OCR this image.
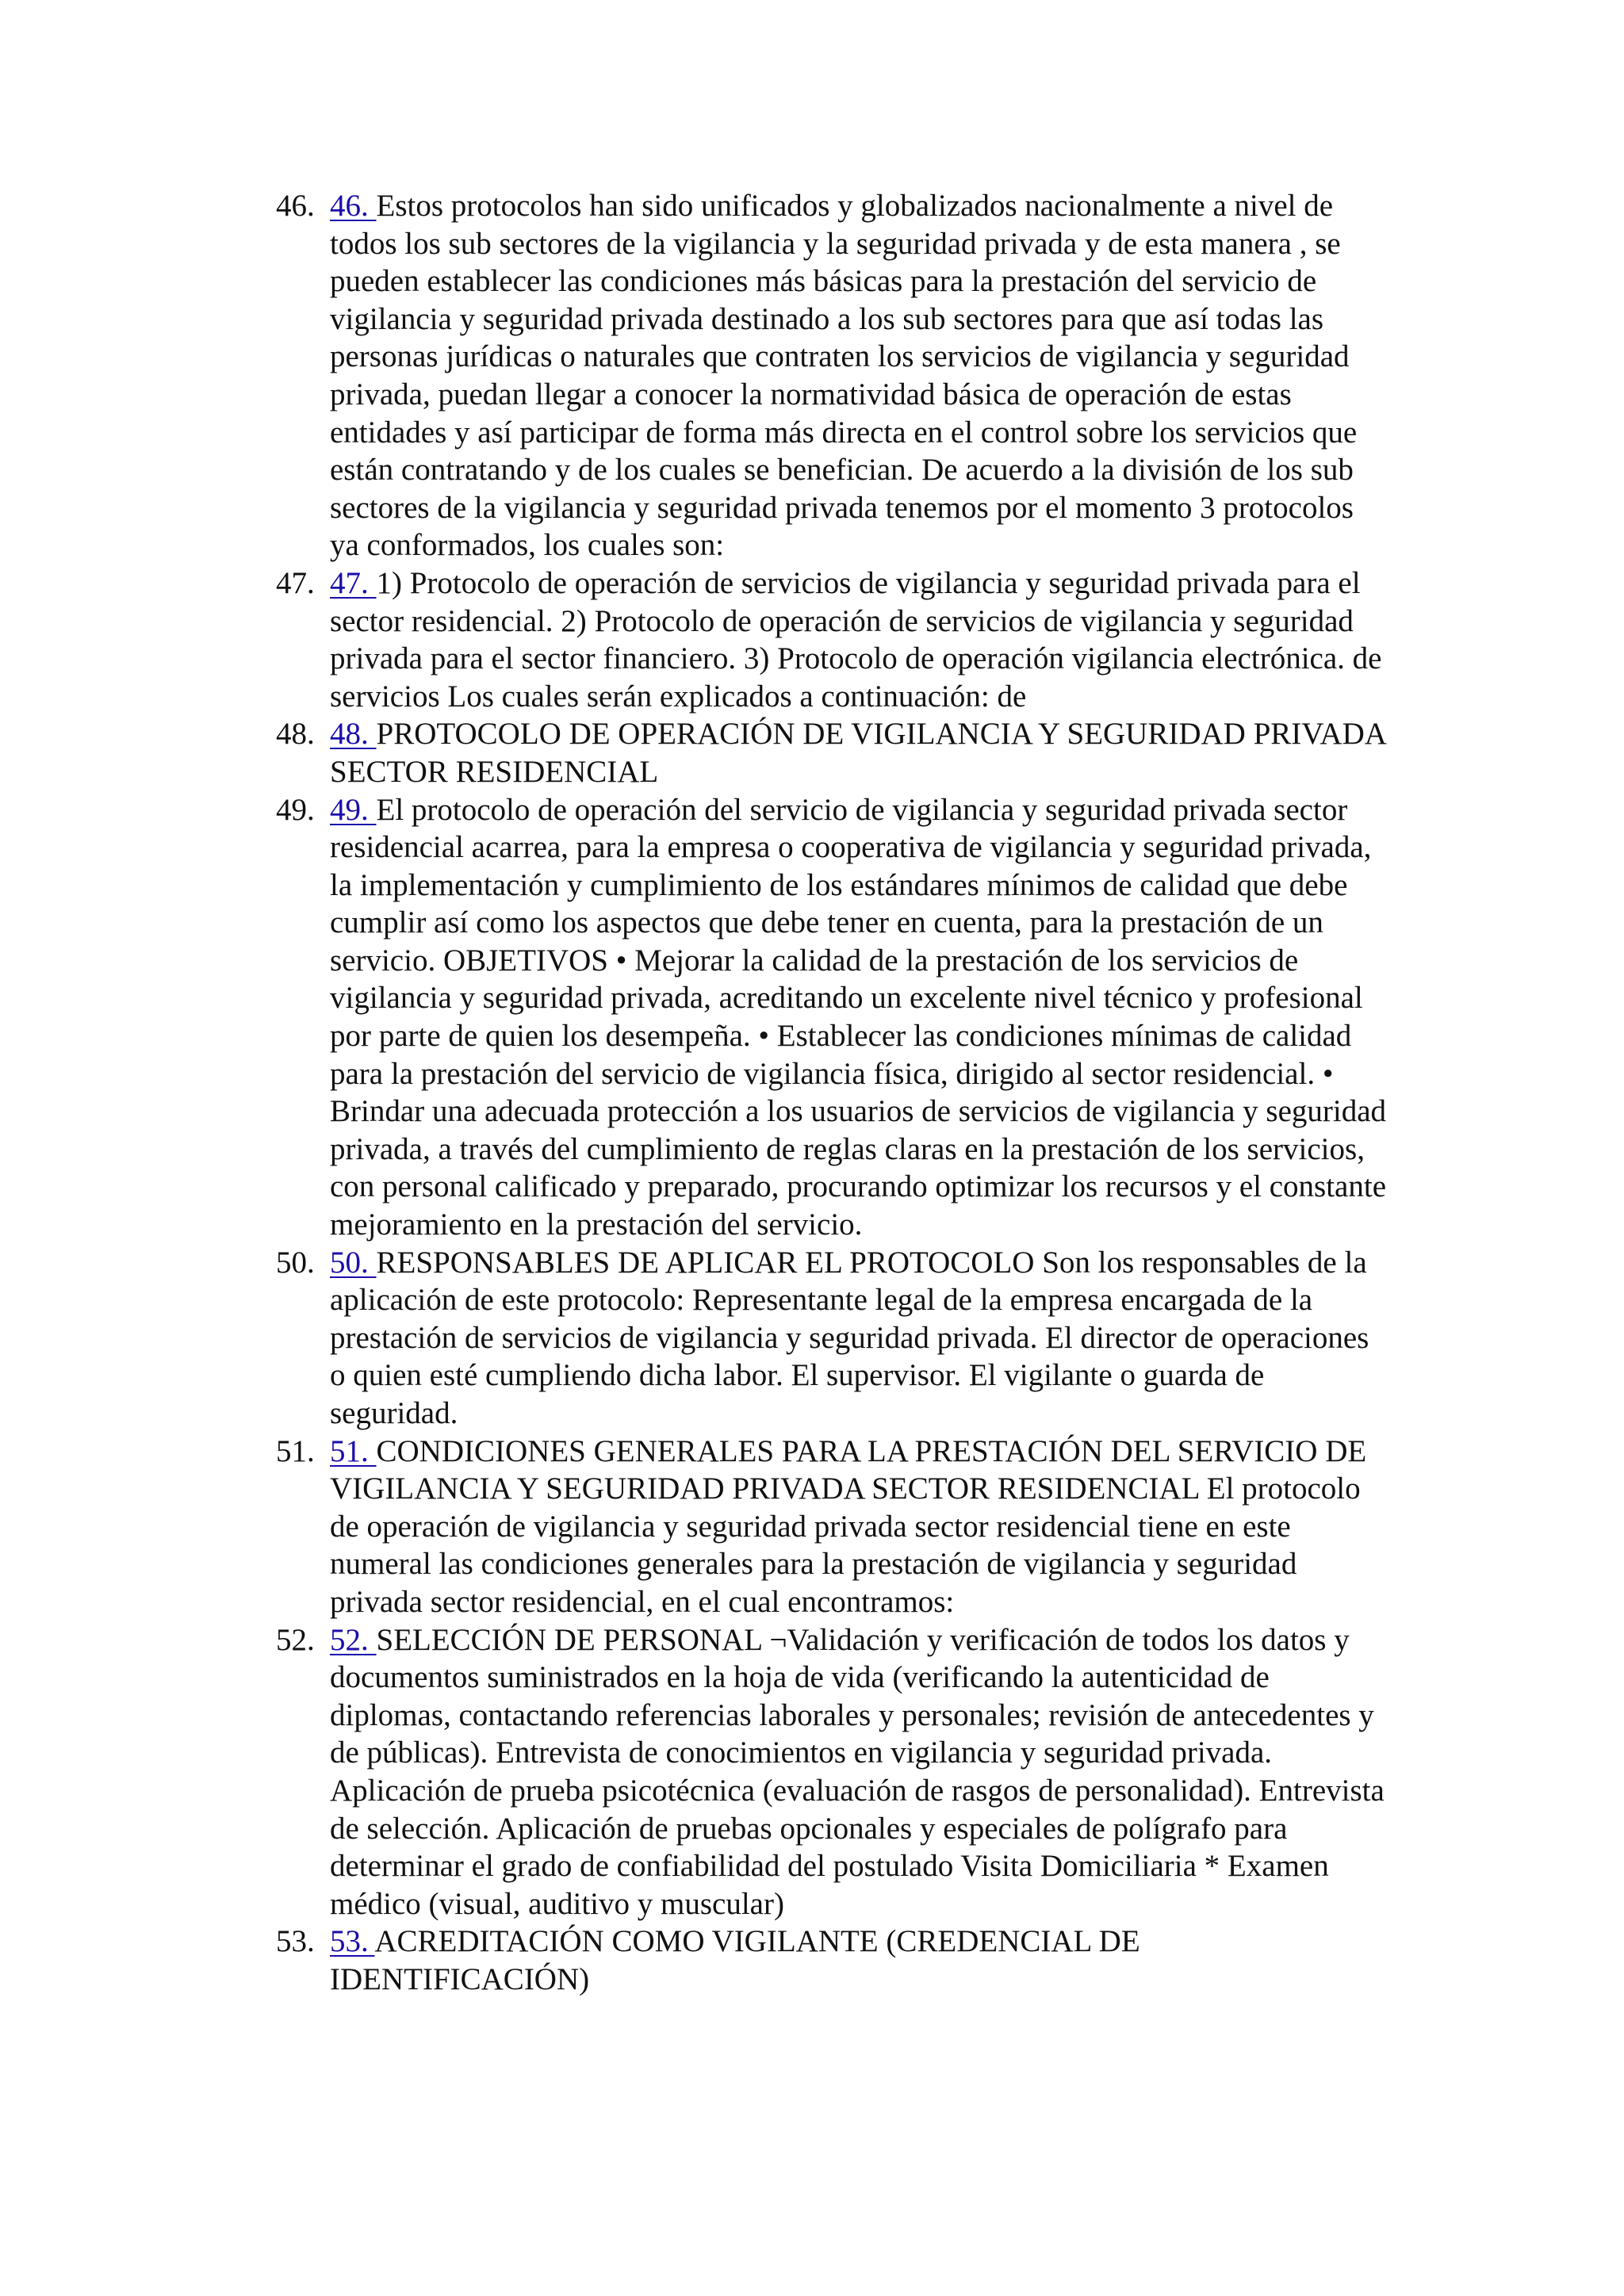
46. 46. Estos protocolos han sido unificados y globalizados nacionalmente a nivel de todos los sub sectores de la vigilancia y la seguridad privada y de esta manera , se pueden establecer las condiciones más básicas para la prestación del servicio de vigilancia y seguridad privada destinado a los sub sectores para que así todas las personas jurídicas o naturales que contraten los servicios de vigilancia y seguridad privada, puedan llegar a conocer la normatividad básica de operación de estas entidades y así participar de forma más directa en el control sobre los servicios que están contratando y de los cuales se benefician. De acuerdo a la división de los sub sectores de la vigilancia y seguridad privada tenemos por el momento 3 protocolos ya conformados, los cuales son:
47. 47. 1) Protocolo de operación de servicios de vigilancia y seguridad privada para el sector residencial. 2) Protocolo de operación de servicios de vigilancia y seguridad privada para el sector financiero. 3) Protocolo de operación vigilancia electrónica. de servicios Los cuales serán explicados a continuación: de
48. 48. PROTOCOLO DE OPERACIÓN DE VIGILANCIA Y SEGURIDAD PRIVADA SECTOR RESIDENCIAL
49. 49. El protocolo de operación del servicio de vigilancia y seguridad privada sector residencial acarrea, para la empresa o cooperativa de vigilancia y seguridad privada, la implementación y cumplimiento de los estándares mínimos de calidad que debe cumplir así como los aspectos que debe tener en cuenta, para la prestación de un servicio. OBJETIVOS • Mejorar la calidad de la prestación de los servicios de vigilancia y seguridad privada, acreditando un excelente nivel técnico y profesional por parte de quien los desempeña. • Establecer las condiciones mínimas de calidad para la prestación del servicio de vigilancia física, dirigido al sector residencial. • Brindar una adecuada protección a los usuarios de servicios de vigilancia y seguridad privada, a través del cumplimiento de reglas claras en la prestación de los servicios, con personal calificado y preparado, procurando optimizar los recursos y el constante mejoramiento en la prestación del servicio.
50. 50. RESPONSABLES DE APLICAR EL PROTOCOLO Son los responsables de la aplicación de este protocolo: Representante legal de la empresa encargada de la prestación de servicios de vigilancia y seguridad privada. El director de operaciones o quien esté cumpliendo dicha labor. El supervisor. El vigilante o guarda de seguridad.
51. 51. CONDICIONES GENERALES PARA LA PRESTACIÓN DEL SERVICIO DE VIGILANCIA Y SEGURIDAD PRIVADA SECTOR RESIDENCIAL El protocolo de operación de vigilancia y seguridad privada sector residencial tiene en este numeral las condiciones generales para la prestación de vigilancia y seguridad privada sector residencial, en el cual encontramos:
52. 52. SELECCIÓN DE PERSONAL ¬Validación y verificación de todos los datos y documentos suministrados en la hoja de vida (verificando la autenticidad de diplomas, contactando referencias laborales y personales; revisión de antecedentes y de públicas). Entrevista de conocimientos en vigilancia y seguridad privada. Aplicación de prueba psicotécnica (evaluación de rasgos de personalidad). Entrevista de selección. Aplicación de pruebas opcionales y especiales de polígrafo para determinar el grado de confiabilidad del postulado Visita Domiciliaria * Examen médico (visual, auditivo y muscular)
53. 53. ACREDITACIÓN COMO VIGILANTE (CREDENCIAL DE IDENTIFICACIÓN)
